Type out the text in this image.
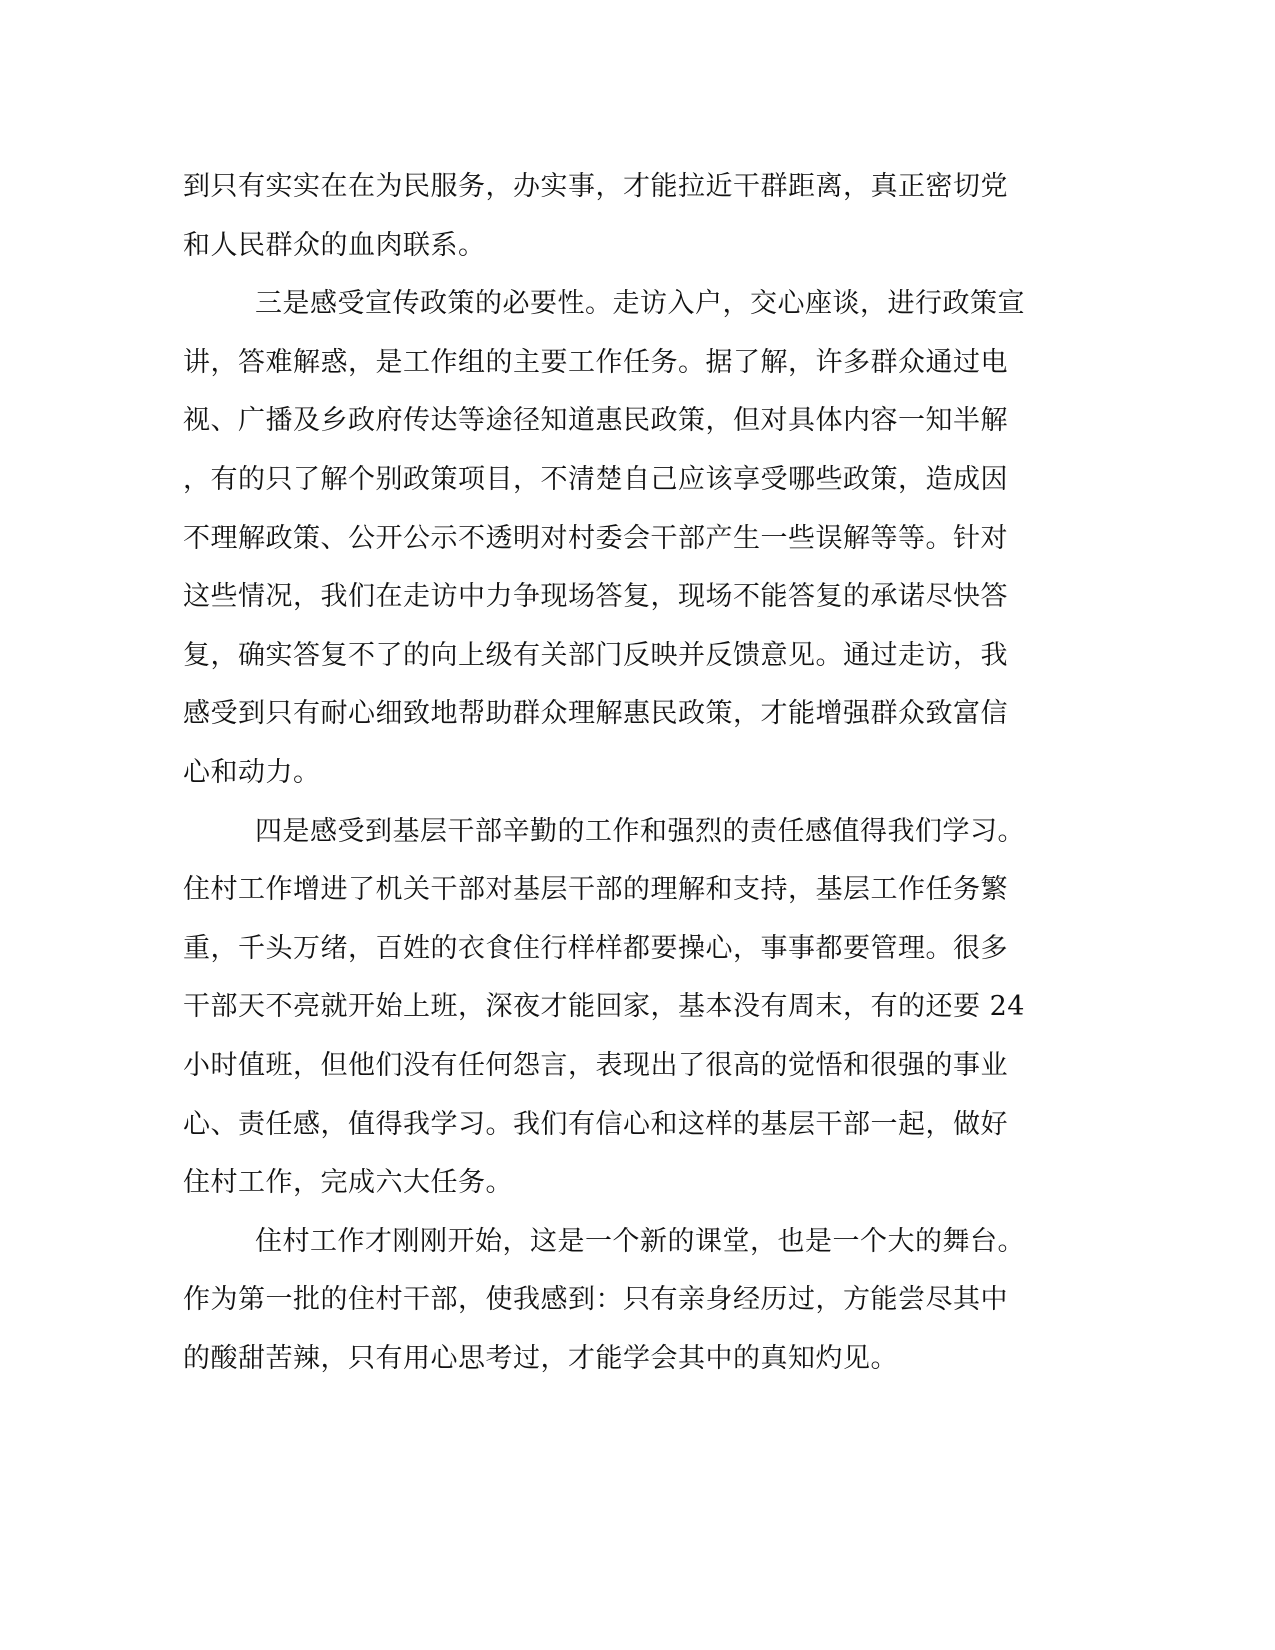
到只有实实在在为民服务，办实事，才能拉近干群距离，真正密切党
和人民群众的血肉联系。
三是感受宣传政策的必要性。走访入户，交心座谈，进行政策宣
讲，答难解惑，是工作组的主要工作任务。据了解，许多群众通过电
视、广播及乡政府传达等途径知道惠民政策，但对具体内容一知半解
，有的只了解个别政策项目，不清楚自己应该享受哪些政策，造成因
不理解政策、公开公示不透明对村委会干部产生一些误解等等。针对
这些情况，我们在走访中力争现场答复，现场不能答复的承诺尽快答
复，确实答复不了的向上级有关部门反映并反馈意见。通过走访，我
感受到只有耐心细致地帮助群众理解惠民政策，才能增强群众致富信
心和动力。
四是感受到基层干部辛勤的工作和强烈的责任感值得我们学习。
住村工作增进了机关干部对基层干部的理解和支持，基层工作任务繁
重，千头万绪，百姓的衣食住行样样都要操心，事事都要管理。很多
干部天不亮就开始上班，深夜才能回家，基本没有周末，有的还要 24
小时值班，但他们没有任何怨言，表现出了很高的觉悟和很强的事业
心、责任感，值得我学习。我们有信心和这样的基层干部一起，做好
住村工作，完成六大任务。
住村工作才刚刚开始，这是一个新的课堂，也是一个大的舞台。
作为第一批的住村干部，使我感到：只有亲身经历过，方能尝尽其中
的酸甜苦辣，只有用心思考过，才能学会其中的真知灼见。
